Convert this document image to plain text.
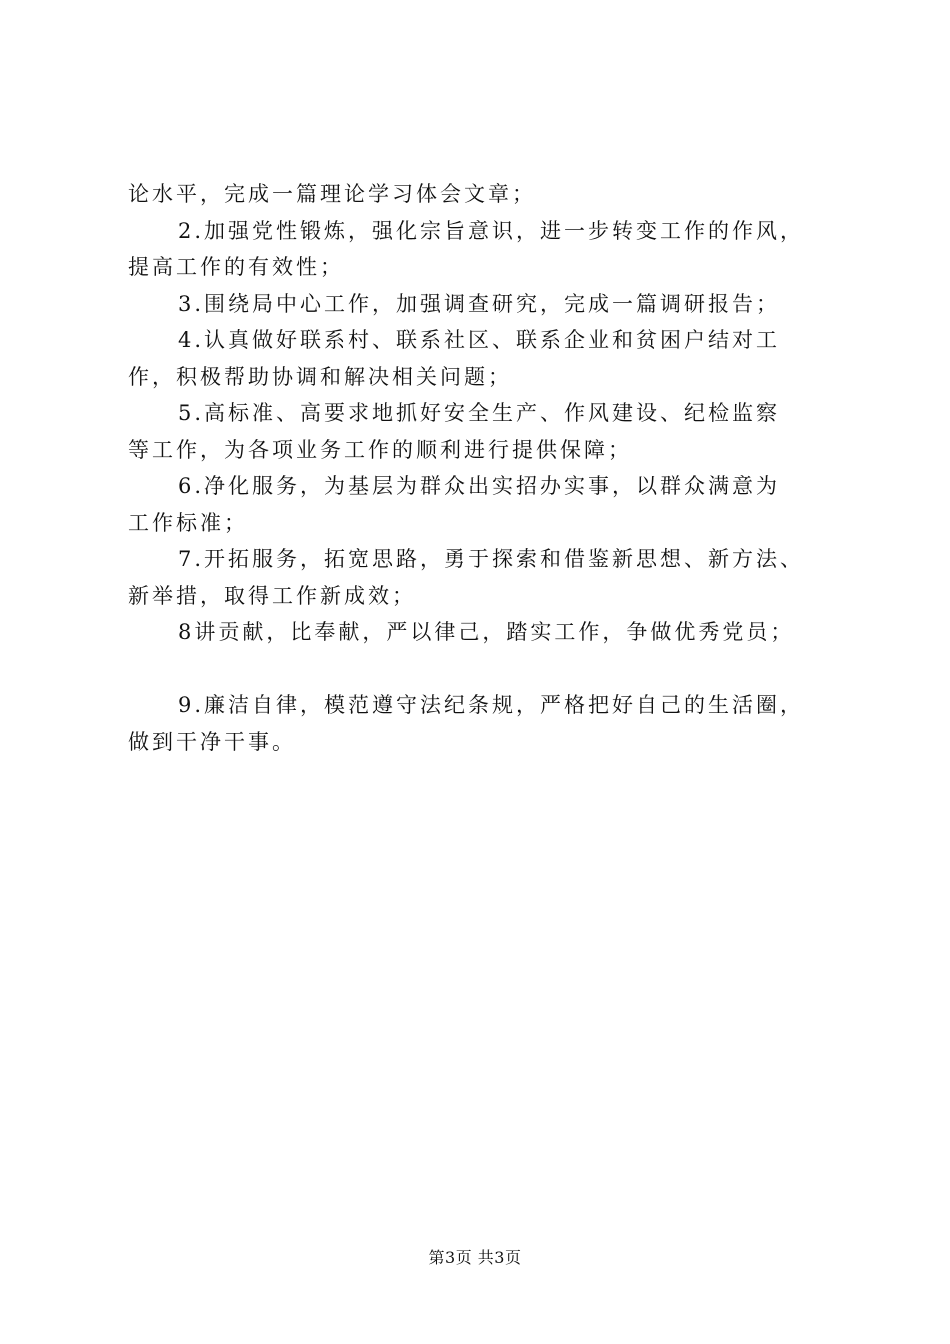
论水平，完成一篇理论学习体会文章；
2.加强党性锻炼，强化宗旨意识，进一步转变工作的作风，
提高工作的有效性；
3.围绕局中心工作，加强调查研究，完成一篇调研报告；
4.认真做好联系村、联系社区、联系企业和贫困户结对工
作，积极帮助协调和解决相关问题；
5.高标准、高要求地抓好安全生产、作风建设、纪检监察
等工作，为各项业务工作的顺利进行提供保障；
6.净化服务，为基层为群众出实招办实事，以群众满意为
工作标准；
7.开拓服务，拓宽思路，勇于探索和借鉴新思想、新方法、
新举措，取得工作新成效；
8讲贡献，比奉献，严以律己，踏实工作，争做优秀党员；
9.廉洁自律，模范遵守法纪条规，严格把好自己的生活圈，
做到干净干事。
第3页 共3页
